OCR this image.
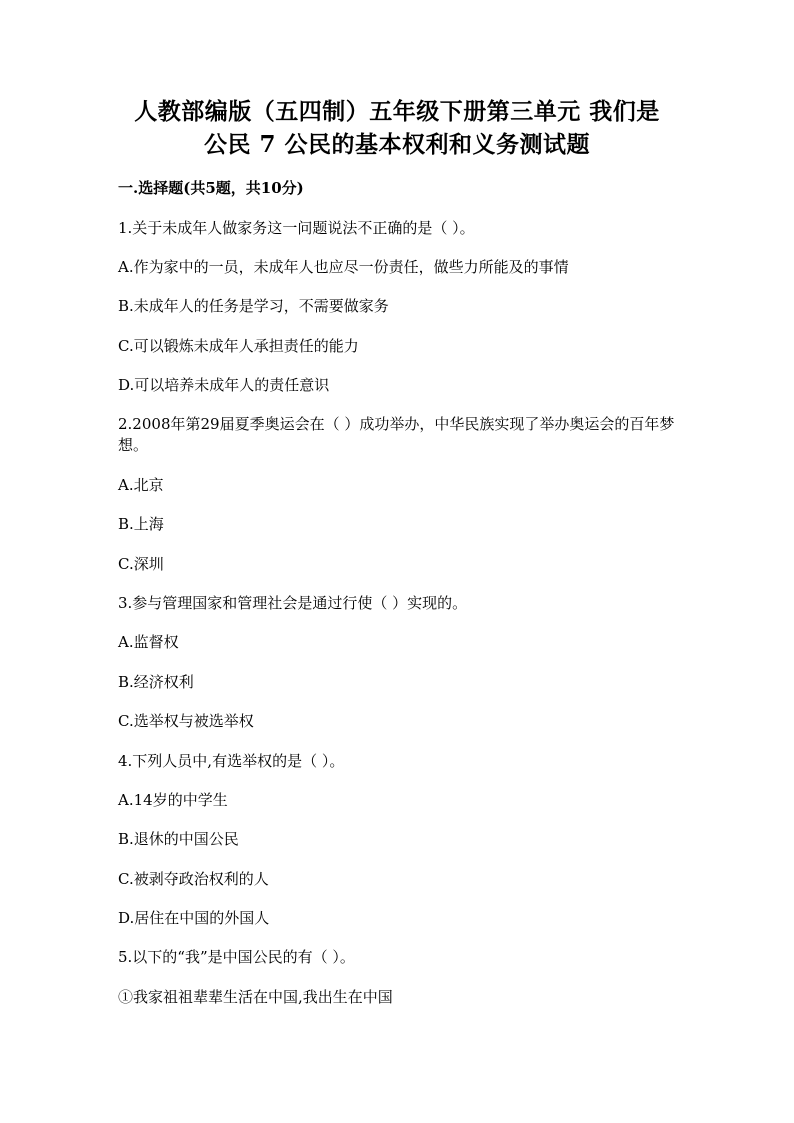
人教部编版（五四制）五年级下册第三单元 我们是
公民 7 公民的基本权利和义务测试题
一.选择题(共5题，共10分)
1.关于未成年人做家务这一问题说法不正确的是（ ）。
A.作为家中的一员，未成年人也应尽一份责任，做些力所能及的事情
B.未成年人的任务是学习，不需要做家务
C.可以锻炼未成年人承担责任的能力
D.可以培养未成年人的责任意识
2.2008年第29届夏季奥运会在（ ）成功举办，中华民族实现了举办奥运会的百年梦想。
A.北京
B.上海
C.深圳
3.参与管理国家和管理社会是通过行使（ ）实现的。
A.监督权
B.经济权利
C.选举权与被选举权
4.下列人员中,有选举权的是（ ）。
A.14岁的中学生
B.退休的中国公民
C.被剥夺政治权利的人
D.居住在中国的外国人
5.以下的“我”是中国公民的有（ ）。
①我家祖祖辈辈生活在中国,我出生在中国
